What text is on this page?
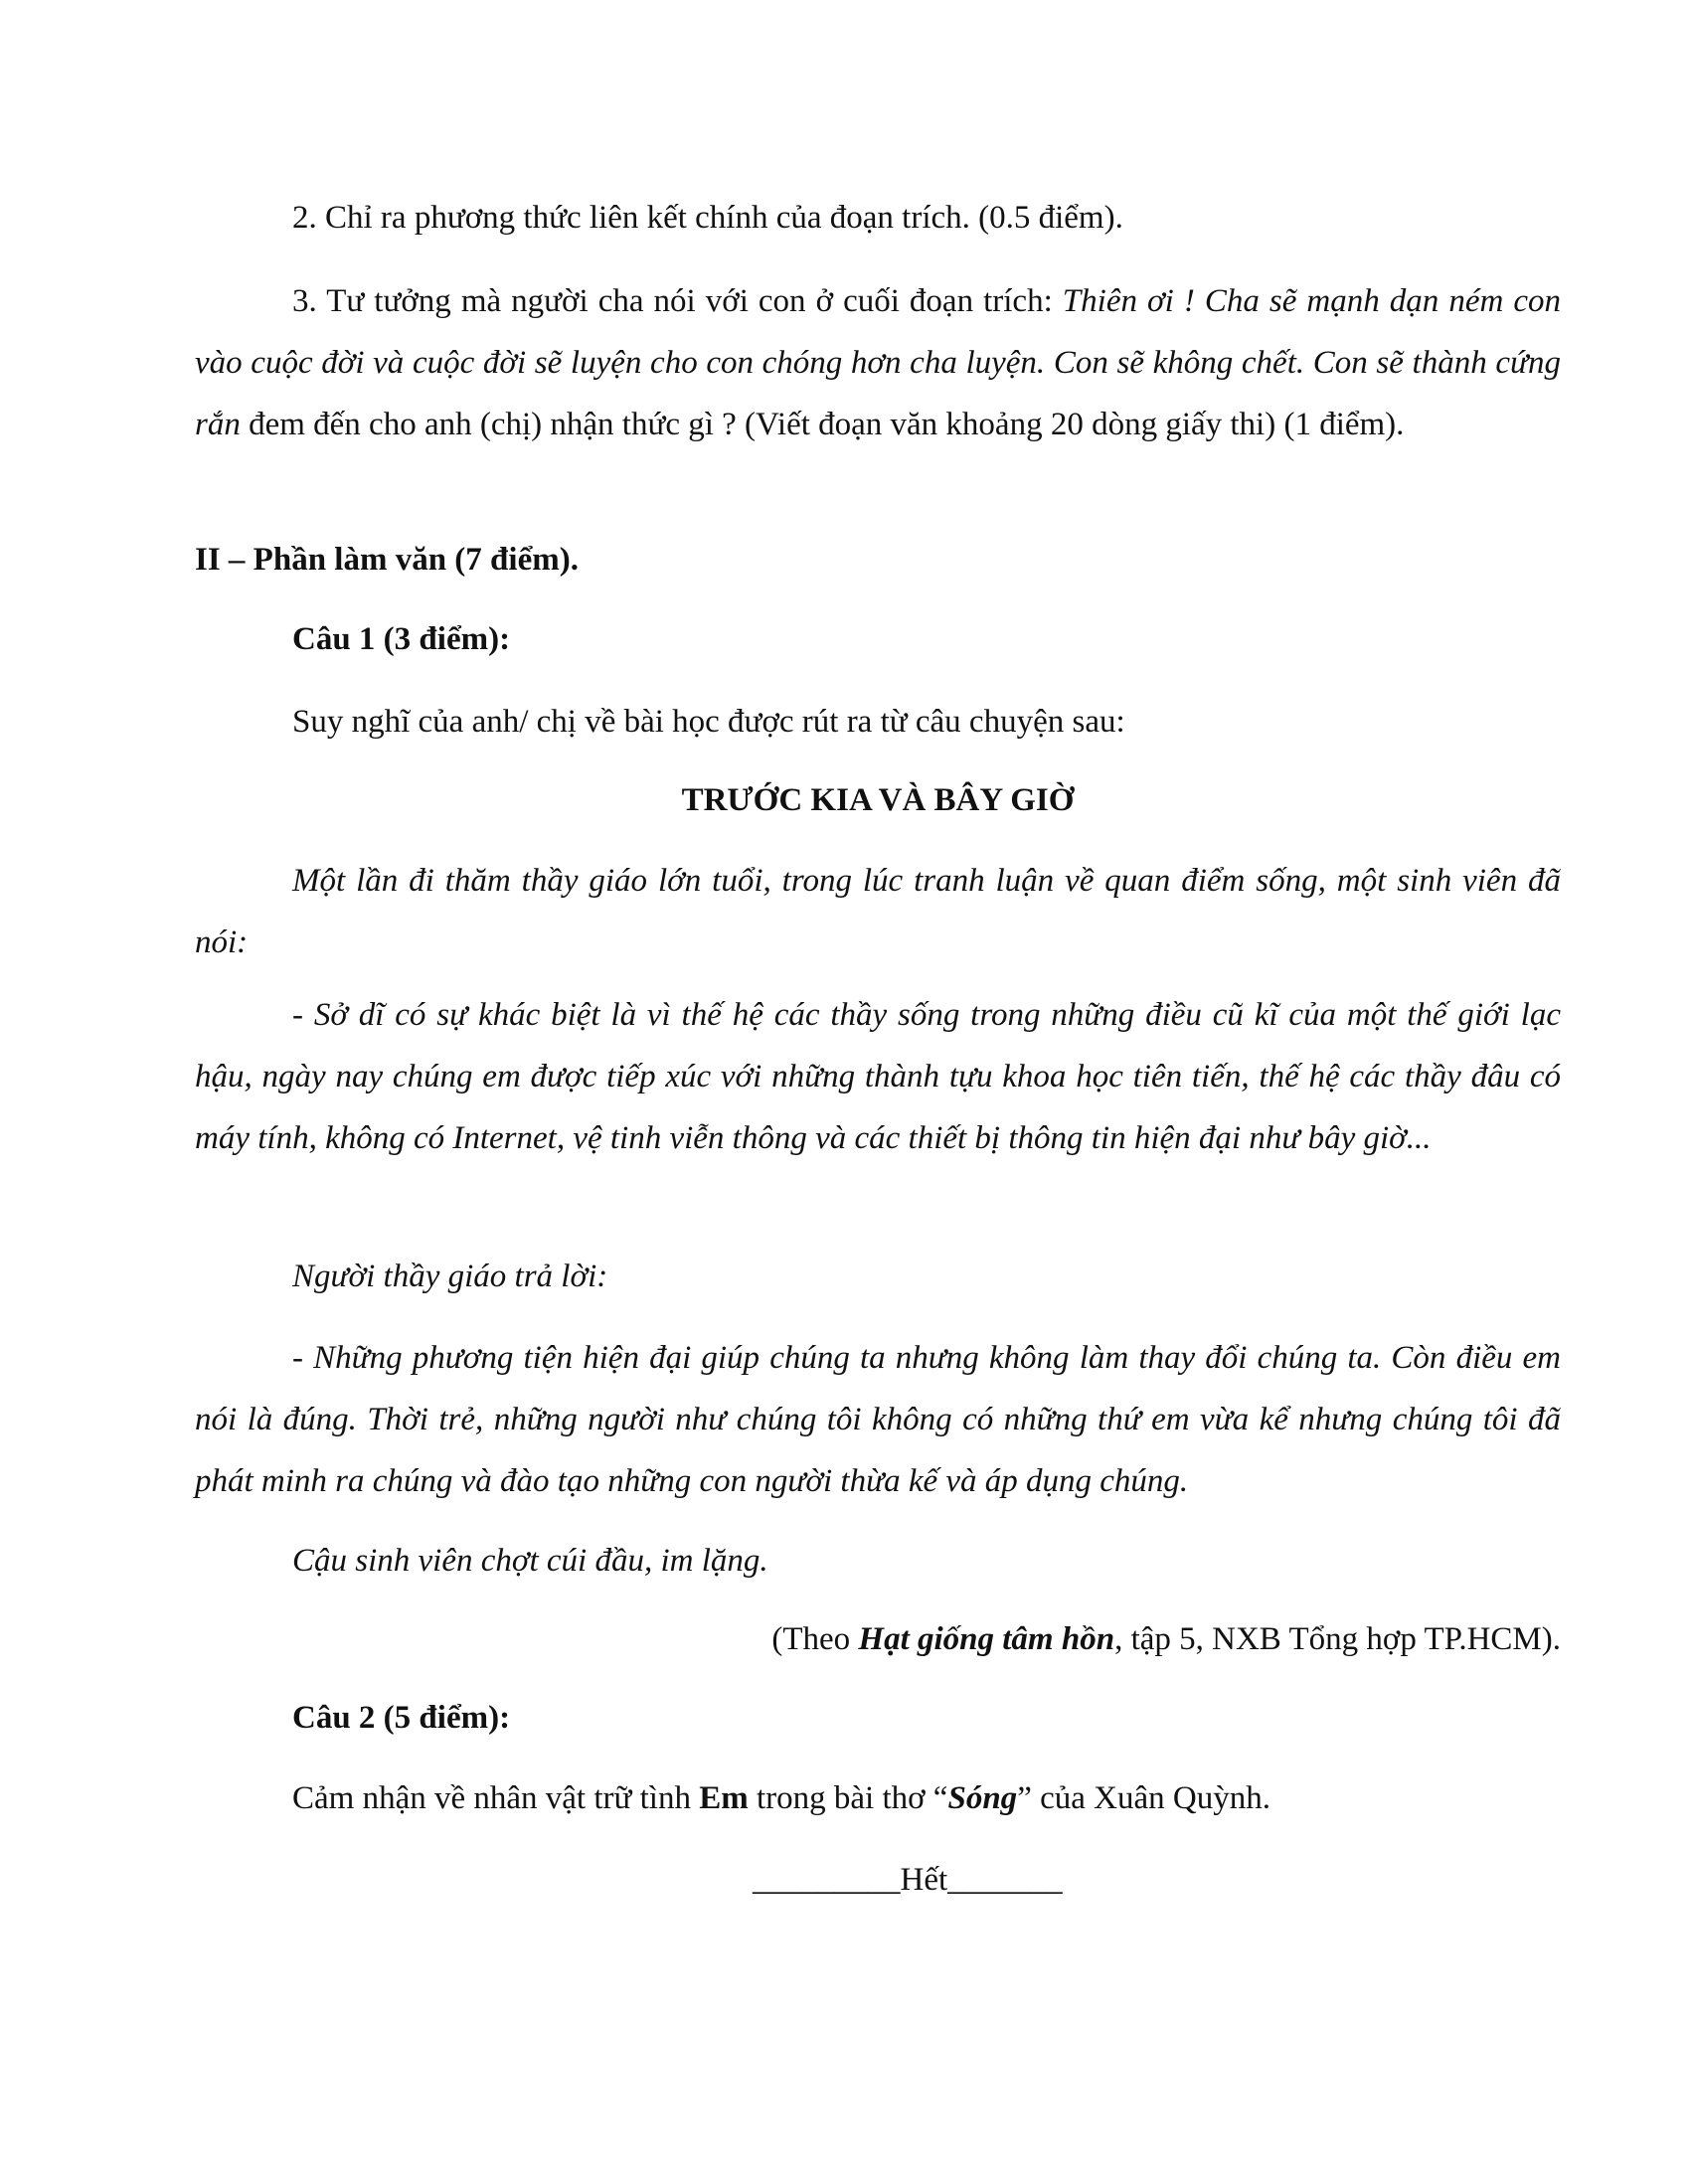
2. Chỉ ra phương thức liên kết chính của đoạn trích. (0.5 điểm).

3. Tư tưởng mà người cha nói với con ở cuối đoạn trích: Thiên ơi ! Cha sẽ mạnh dạn ném con vào cuộc đời và cuộc đời sẽ luyện cho con chóng hơn cha luyện. Con sẽ không chết. Con sẽ thành cứng rắn đem đến cho anh (chị) nhận thức gì ? (Viết đoạn văn khoảng 20 dòng giấy thi) (1 điểm).

II – Phần làm văn (7 điểm).

Câu 1 (3 điểm):

Suy nghĩ của anh/ chị về bài học được rút ra từ câu chuyện sau:

TRƯỚC KIA VÀ BÂY GIỜ

Một lần đi thăm thầy giáo lớn tuổi, trong lúc tranh luận về quan điểm sống, một sinh viên đã nói:

- Sở dĩ có sự khác biệt là vì thế hệ các thầy sống trong những điều cũ kĩ của một thế giới lạc hậu, ngày nay chúng em được tiếp xúc với những thành tựu khoa học tiên tiến, thế hệ các thầy đâu có máy tính, không có Internet, vệ tinh viễn thông và các thiết bị thông tin hiện đại như bây giờ...

Người thầy giáo trả lời:

- Những phương tiện hiện đại giúp chúng ta nhưng không làm thay đổi chúng ta. Còn điều em nói là đúng. Thời trẻ, những người như chúng tôi không có những thứ em vừa kể nhưng chúng tôi đã phát minh ra chúng và đào tạo những con người thừa kế và áp dụng chúng.

Cậu sinh viên chợt cúi đầu, im lặng.

(Theo Hạt giống tâm hồn, tập 5, NXB Tổng hợp TP.HCM).

Câu 2 (5 điểm):

Cảm nhận về nhân vật trữ tình Em trong bài thơ “Sóng” của Xuân Quỳnh.

_________Hết_______
